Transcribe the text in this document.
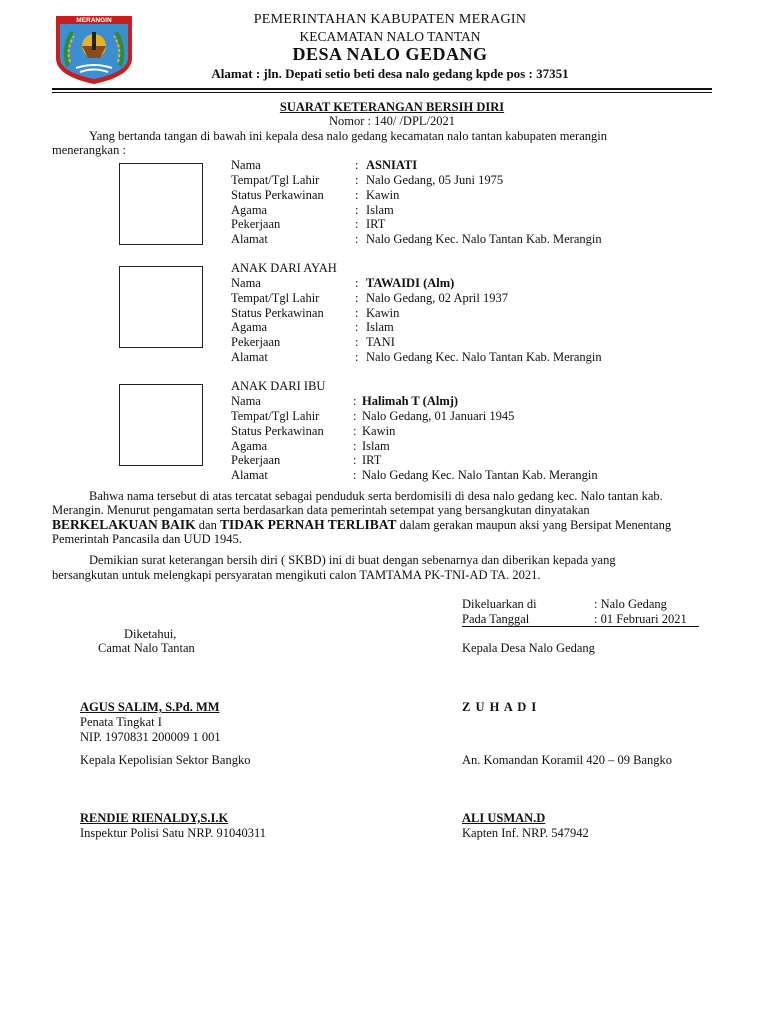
MERANGIN	PEMERINTAHAN KABUPATEN MERAGIN
KECAMATAN NALO TANTAN
DESA NALO GEDANG
Alamat : jln. Depati setio beti desa nalo gedang kpde pos : 37351
SUARAT KETERANGAN BERSIH DIRI
Nomor : 140/ /DPL/2021
Yang bertanda tangan di bawah ini kepala desa nalo gedang kecamatan nalo tantan kabupaten merangin
menerangkan :
Nama	: ASNIATI
Tempat/Tgl Lahir	: Nalo Gedang, 05 Juni 1975
Status Perkawinan	: Kawin
Agama	: Islam
Pekerjaan	: IRT
Alamat	: Nalo Gedang Kec. Nalo Tantan Kab. Merangin
ANAK DARI AYAH
Nama	: TAWAIDI (Alm)
Tempat/Tgl Lahir	: Nalo Gedang, 02 April 1937
Status Perkawinan	: Kawin
Agama	: Islam
Pekerjaan	: TANI
Alamat	: Nalo Gedang Kec. Nalo Tantan Kab. Merangin
ANAK DARI IBU
Nama	: Halimah T (Almj)
Tempat/Tgl Lahir	: Nalo Gedang, 01 Januari 1945
Status Perkawinan : Kawin
Agama	: Islam
Pekerjaan	: IRT
Alamat	: Nalo Gedang Kec. Nalo Tantan Kab. Merangin
Bahwa nama tersebut di atas tercatat sebagai penduduk serta berdomisili di desa nalo gedang kec. Nalo tantan kab.
Merangin. Menurut pengamatan serta berdasarkan data pemerintah setempat yang bersangkutan dinyatakan
BERKELAKUAN BAIK dan TIDAK PERNAH TERLIBAT dalam gerakan maupun aksi yang Bersipat Menentang
Pemerintah Pancasila dan UUD 1945.
Demikian surat keterangan bersih diri ( SKBD) ini di buat dengan sebenarnya dan diberikan kepada yang
bersangkutan untuk melengkapi persyaratan mengikuti calon TAMTAMA PK-TNI-AD TA. 2021.
Dikeluarkan di	: Nalo Gedang
Pada Tanggal	: 01 Februari 2021
Diketahui,
Camat Nalo Tantan	Kepala Desa Nalo Gedang
AGUS SALIM, S.Pd. MM	Z U H A D I
Penata Tingkat I
NIP. 1970831 200009 1 001
Kepala Kepolisian Sektor Bangko	An. Komandan Koramil 420 – 09 Bangko
RENDIE RIENALDY,S.I.K	ALI USMAN.D
Inspektur Polisi Satu NRP. 91040311	Kapten Inf. NRP. 547942
